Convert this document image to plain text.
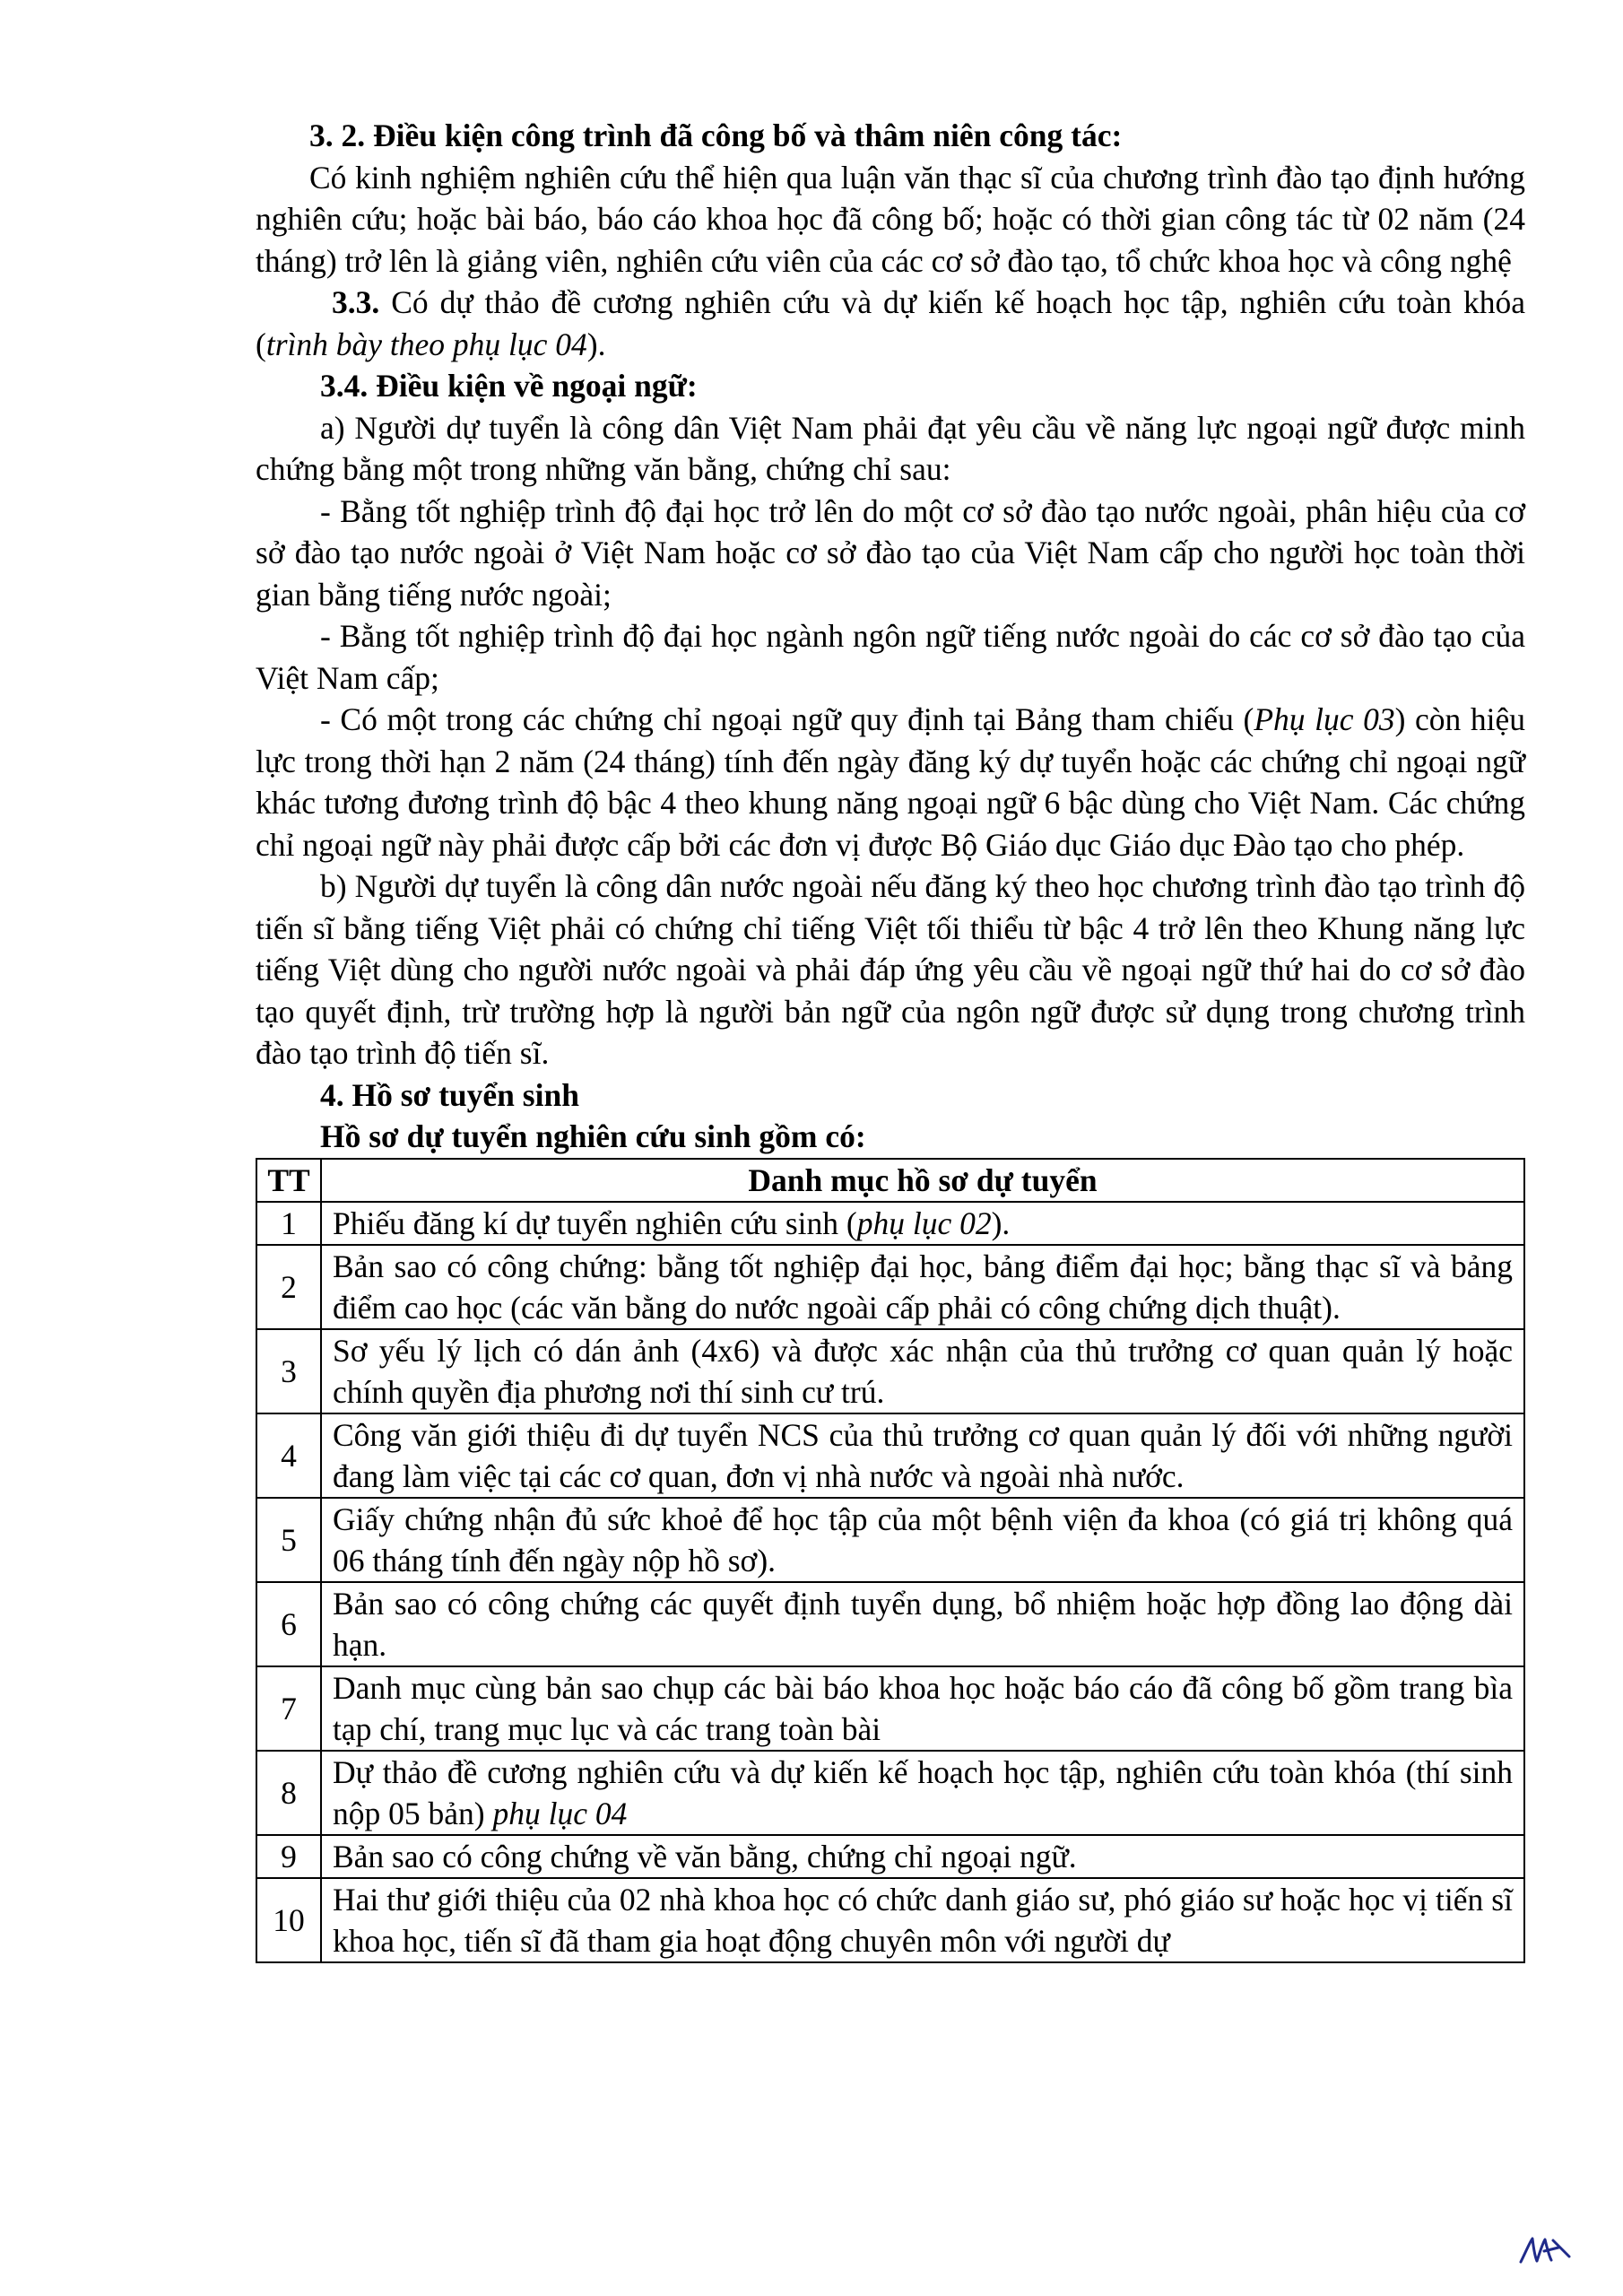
3. 2. Điều kiện công trình đã công bố và thâm niên công tác:

Có kinh nghiệm nghiên cứu thể hiện qua luận văn thạc sĩ của chương trình đào tạo định hướng nghiên cứu; hoặc bài báo, báo cáo khoa học đã công bố; hoặc có thời gian công tác từ 02 năm (24 tháng) trở lên là giảng viên, nghiên cứu viên của các cơ sở đào tạo, tổ chức khoa học và công nghệ

3.3. Có dự thảo đề cương nghiên cứu và dự kiến kế hoạch học tập, nghiên cứu toàn khóa (trình bày theo phụ lục 04).

3.4. Điều kiện về ngoại ngữ:

a) Người dự tuyển là công dân Việt Nam phải đạt yêu cầu về năng lực ngoại ngữ được minh chứng bằng một trong những văn bằng, chứng chỉ sau:

- Bằng tốt nghiệp trình độ đại học trở lên do một cơ sở đào tạo nước ngoài, phân hiệu của cơ sở đào tạo nước ngoài ở Việt Nam hoặc cơ sở đào tạo của Việt Nam cấp cho người học toàn thời gian bằng tiếng nước ngoài;

- Bằng tốt nghiệp trình độ đại học ngành ngôn ngữ tiếng nước ngoài do các cơ sở đào tạo của Việt Nam cấp;

- Có một trong các chứng chỉ ngoại ngữ quy định tại Bảng tham chiếu (Phụ lục 03) còn hiệu lực trong thời hạn 2 năm (24 tháng) tính đến ngày đăng ký dự tuyển hoặc các chứng chỉ ngoại ngữ khác tương đương trình độ bậc 4 theo khung năng ngoại ngữ 6 bậc dùng cho Việt Nam. Các chứng chỉ ngoại ngữ này phải được cấp bởi các đơn vị được Bộ Giáo dục Giáo dục Đào tạo cho phép.

b) Người dự tuyển là công dân nước ngoài nếu đăng ký theo học chương trình đào tạo trình độ tiến sĩ bằng tiếng Việt phải có chứng chỉ tiếng Việt tối thiểu từ bậc 4 trở lên theo Khung năng lực tiếng Việt dùng cho người nước ngoài và phải đáp ứng yêu cầu về ngoại ngữ thứ hai do cơ sở đào tạo quyết định, trừ trường hợp là người bản ngữ của ngôn ngữ được sử dụng trong chương trình đào tạo trình độ tiến sĩ.

4. Hồ sơ tuyển sinh

Hồ sơ dự tuyển nghiên cứu sinh gồm có:

TT	Danh mục hồ sơ dự tuyển
1	Phiếu đăng kí dự tuyển nghiên cứu sinh (phụ lục 02).
2	Bản sao có công chứng: bằng tốt nghiệp đại học, bảng điểm đại học; bằng thạc sĩ và bảng điểm cao học (các văn bằng do nước ngoài cấp phải có công chứng dịch thuật).
3	Sơ yếu lý lịch có dán ảnh (4x6) và được xác nhận của thủ trưởng cơ quan quản lý hoặc chính quyền địa phương nơi thí sinh cư trú.
4	Công văn giới thiệu đi dự tuyển NCS của thủ trưởng cơ quan quản lý đối với những người đang làm việc tại các cơ quan, đơn vị nhà nước và ngoài nhà nước.
5	Giấy chứng nhận đủ sức khoẻ để học tập của một bệnh viện đa khoa (có giá trị không quá 06 tháng tính đến ngày nộp hồ sơ).
6	Bản sao có công chứng các quyết định tuyển dụng, bổ nhiệm hoặc hợp đồng lao động dài hạn.
7	Danh mục cùng bản sao chụp các bài báo khoa học hoặc báo cáo đã công bố gồm trang bìa tạp chí, trang mục lục và các trang toàn bài
8	Dự thảo đề cương nghiên cứu và dự kiến kế hoạch học tập, nghiên cứu toàn khóa (thí sinh nộp 05 bản) phụ lục 04
9	Bản sao có công chứng về văn bằng, chứng chỉ ngoại ngữ.
10	Hai thư giới thiệu của 02 nhà khoa học có chức danh giáo sư, phó giáo sư hoặc học vị tiến sĩ khoa học, tiến sĩ đã tham gia hoạt động chuyên môn với người dự
